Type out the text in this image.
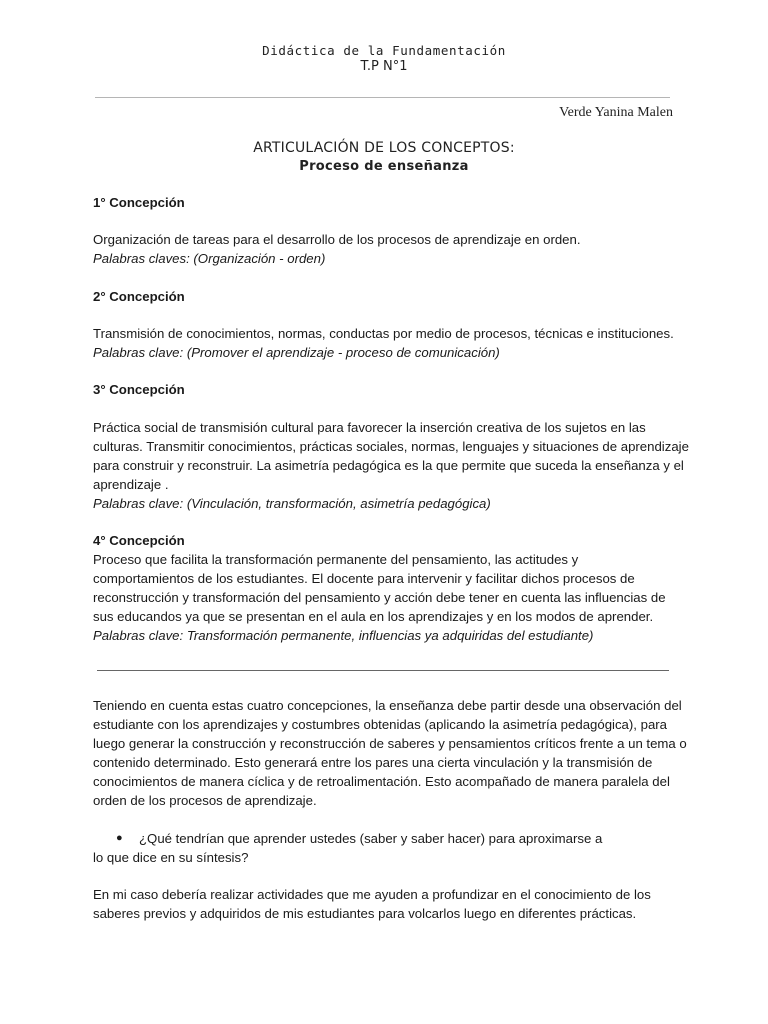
Didáctica de la Fundamentación
T.P N°1
Verde Yanina Malen
ARTICULACIÓN DE LOS CONCEPTOS:
Proceso de enseñanza
1° Concepción
Organización de tareas para el desarrollo de los procesos de aprendizaje en orden.
Palabras claves: (Organización - orden)
2° Concepción
Transmisión de conocimientos, normas, conductas por medio de procesos, técnicas e instituciones.
Palabras clave: (Promover el aprendizaje - proceso de comunicación)
3° Concepción
Práctica social de transmisión cultural para favorecer la inserción creativa de los sujetos en las
culturas. Transmitir conocimientos, prácticas sociales, normas, lenguajes y situaciones de aprendizaje
para construir y reconstruir. La asimetría pedagógica es la que permite que suceda la enseñanza y el
aprendizaje .
Palabras clave: (Vinculación, transformación, asimetría pedagógica)
4° Concepción
Proceso que facilita la transformación permanente del pensamiento, las actitudes y
comportamientos de los estudiantes. El docente para intervenir y facilitar dichos procesos de
reconstrucción y transformación del pensamiento y acción debe tener en cuenta las influencias de
sus educandos ya que se presentan en el aula en los aprendizajes y en los modos de aprender.
Palabras clave: Transformación permanente, influencias ya adquiridas del estudiante)
Teniendo en cuenta estas cuatro concepciones, la enseñanza debe partir desde una observación del
estudiante con los aprendizajes y costumbres obtenidas (aplicando la asimetría pedagógica), para
luego generar la construcción y reconstrucción de saberes y pensamientos críticos frente a un tema o
contenido determinado. Esto generará entre los pares una cierta vinculación y la transmisión de
conocimientos de manera cíclica y de retroalimentación. Esto acompañado de manera paralela del
orden de los procesos de aprendizaje.
● ¿Qué tendrían que aprender ustedes (saber y saber hacer) para aproximarse a
lo que dice en su síntesis?
En mi caso debería realizar actividades que me ayuden a profundizar en el conocimiento de los
saberes previos y adquiridos de mis estudiantes para volcarlos luego en diferentes prácticas.
